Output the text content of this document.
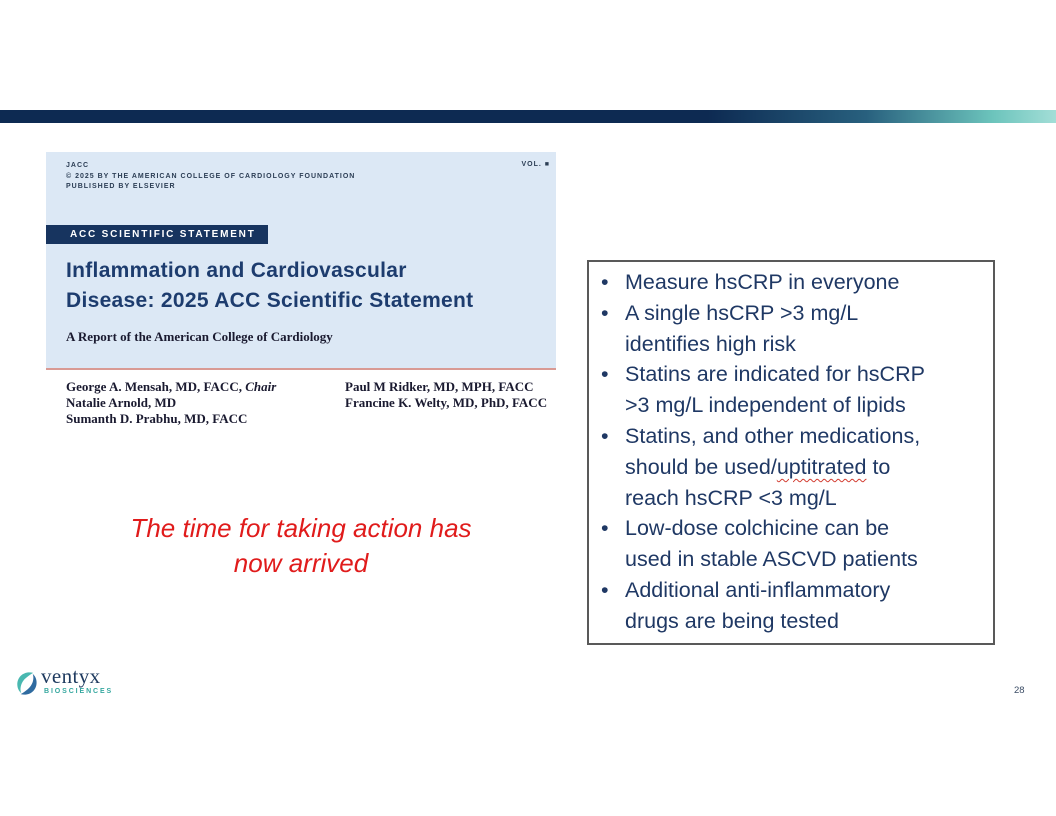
JACC
© 2025 BY THE AMERICAN COLLEGE OF CARDIOLOGY FOUNDATION
PUBLISHED BY ELSEVIER
VOL. ■
ACC SCIENTIFIC STATEMENT
Inflammation and Cardiovascular
Disease: 2025 ACC Scientific Statement
A Report of the American College of Cardiology
George A. Mensah, MD, FACC, Chair
Natalie Arnold, MD
Sumanth D. Prabhu, MD, FACC
Paul M Ridker, MD, MPH, FACC
Francine K. Welty, MD, PhD, FACC
The time for taking action has
now arrived
• Measure hsCRP in everyone
• A single hsCRP >3 mg/L
identifies high risk
• Statins are indicated for hsCRP
>3 mg/L independent of lipids
• Statins, and other medications,
should be used/uptitrated to
reach hsCRP <3 mg/L
• Low-dose colchicine can be
used in stable ASCVD patients
• Additional anti-inflammatory
drugs are being tested
ventyx
BIOSCIENCES	28
